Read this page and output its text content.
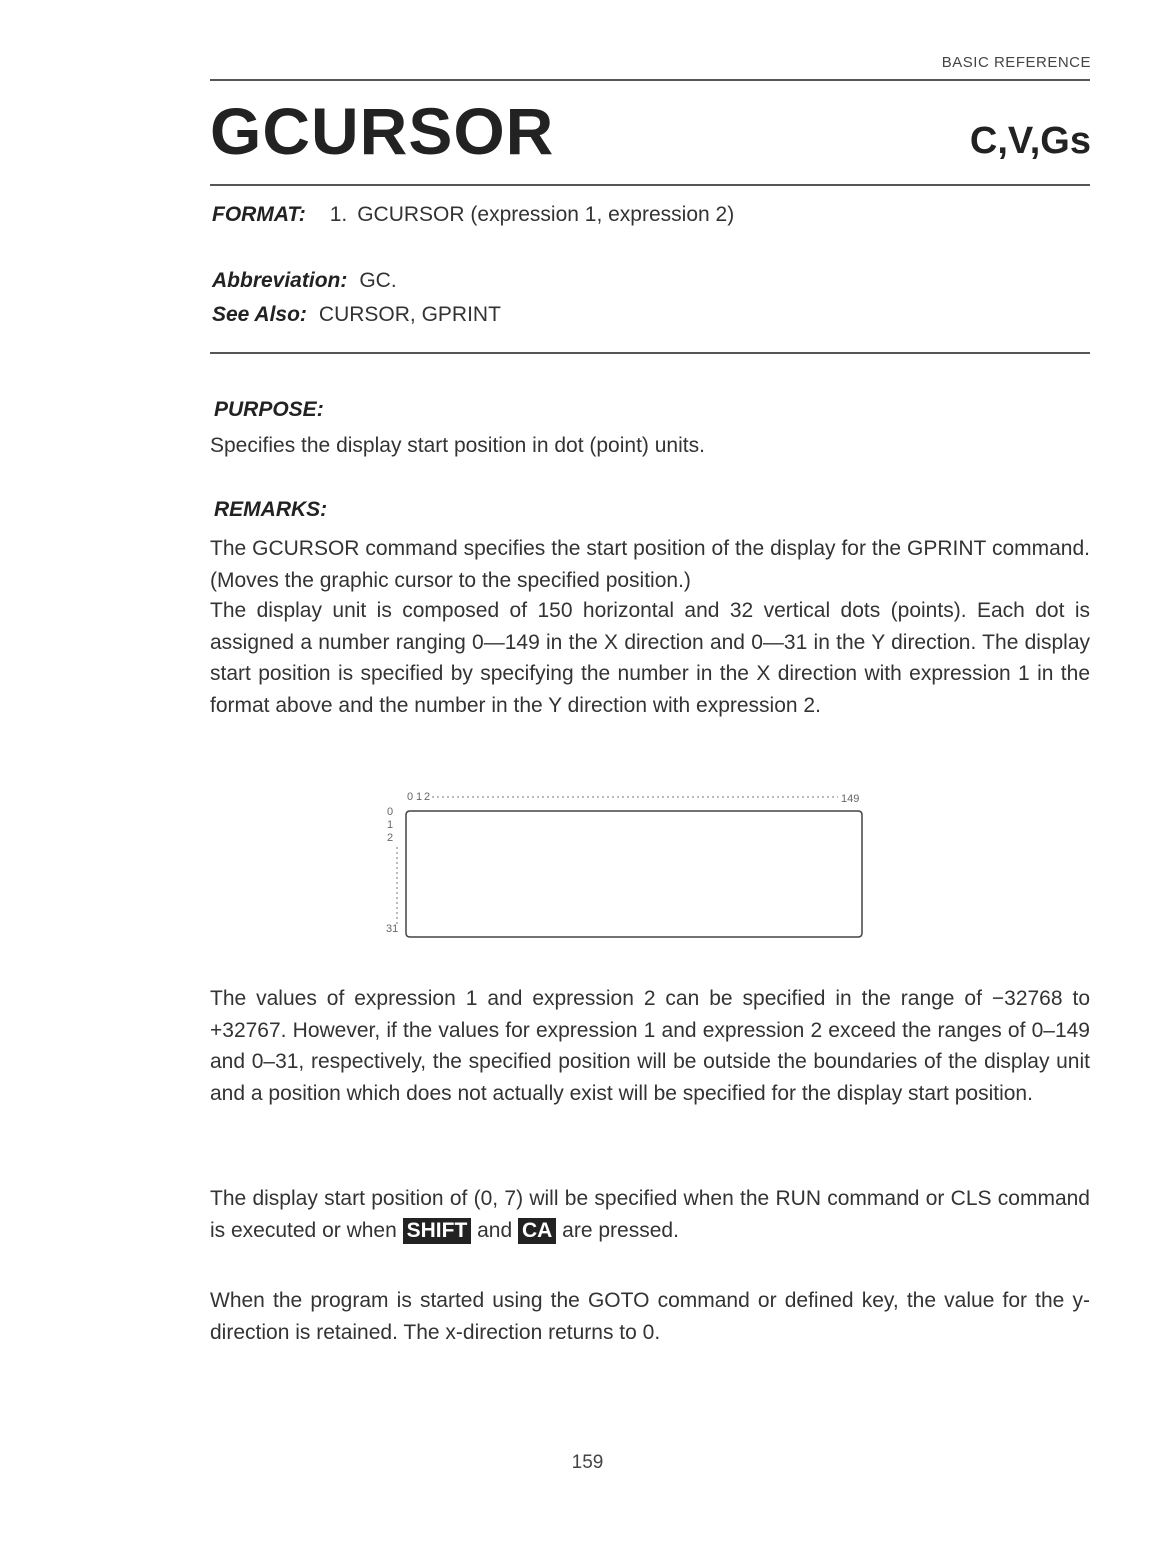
BASIC REFERENCE
GCURSOR	C,V,Gs
FORMAT: 1. GCURSOR (expression 1, expression 2)
Abbreviation: GC.
See Also: CURSOR, GPRINT
PURPOSE:

Specifies the display start position in dot (point) units.

REMARKS:

The GCURSOR command specifies the start position of the display for the GPRINT command. (Moves the graphic cursor to the specified position.)

The display unit is composed of 150 horizontal and 32 vertical dots (points). Each dot is assigned a number ranging 0—149 in the X direction and 0—31 in the Y direction. The display start position is specified by specifying the number in the X direction with expression 1 in the format above and the number in the Y direction with expression 2.

0 1 2	149
0
1
2
31

The values of expression 1 and expression 2 can be specified in the range of −32768 to +32767. However, if the values for expression 1 and expression 2 exceed the ranges of 0–149 and 0–31, respectively, the specified position will be outside the boundaries of the display unit and a position which does not actually exist will be specified for the display start position.

The display start position of (0, 7) will be specified when the RUN command or CLS command is executed or when SHIFT and CA are pressed.

When the program is started using the GOTO command or defined key, the value for the y-direction is retained. The x-direction returns to 0.

159
